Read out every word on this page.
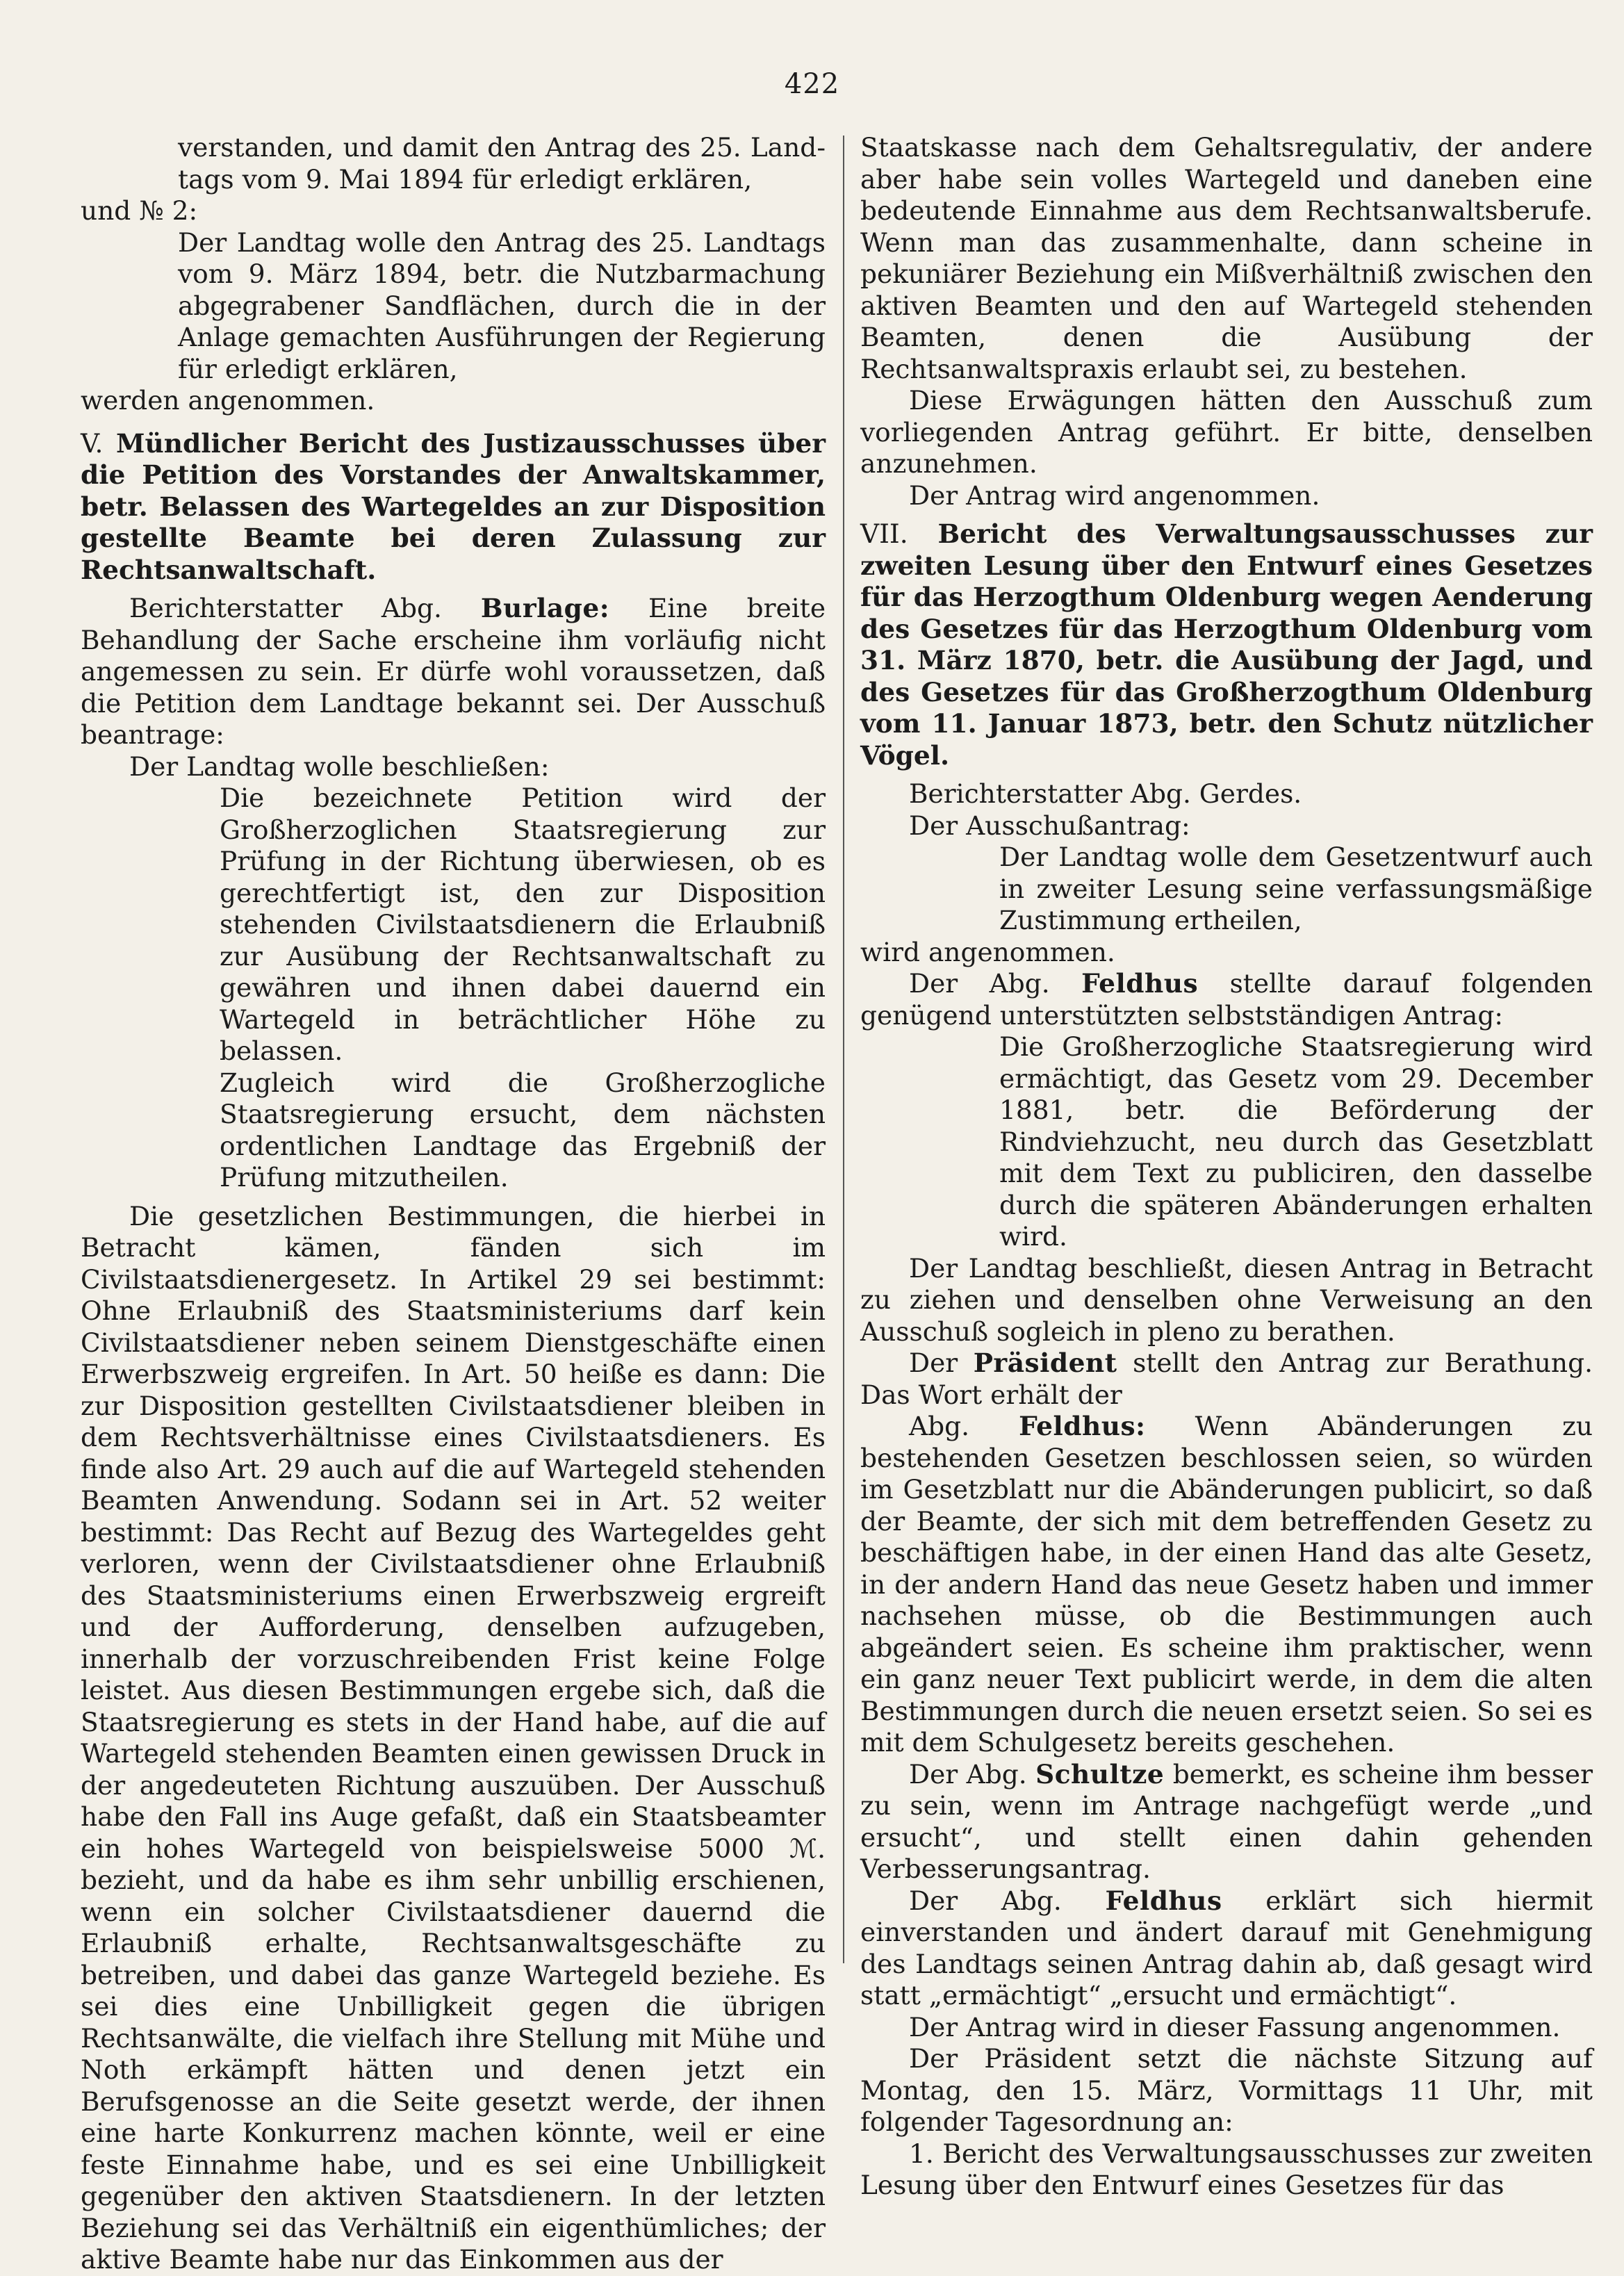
422

verstanden, und damit den Antrag des 25. Land-tags vom 9. Mai 1894 für erledigt erklären,

und № 2:

Der Landtag wolle den Antrag des 25. Landtags vom 9. März 1894, betr. die Nutzbarmachung abgegrabener Sandflächen, durch die in der Anlage gemachten Ausführungen der Regierung für erledigt erklären,

werden angenommen.

V. Mündlicher Bericht des Justizausschusses über die Petition des Vorstandes der Anwaltskammer, betr. Belassen des Wartegeldes an zur Disposition gestellte Beamte bei deren Zulassung zur Rechtsanwaltschaft.

Berichterstatter Abg. Burlage: Eine breite Behandlung der Sache erscheine ihm vorläufig nicht angemessen zu sein. Er dürfe wohl voraussetzen, daß die Petition dem Landtage bekannt sei. Der Ausschuß beantrage:

Der Landtag wolle beschließen:

Die bezeichnete Petition wird der Großherzoglichen Staatsregierung zur Prüfung in der Richtung überwiesen, ob es gerechtfertigt ist, den zur Disposition stehenden Civilstaatsdienern die Erlaubniß zur Ausübung der Rechtsanwaltschaft zu gewähren und ihnen dabei dauernd ein Wartegeld in beträchtlicher Höhe zu belassen.

Zugleich wird die Großherzogliche Staatsregierung ersucht, dem nächsten ordentlichen Landtage das Ergebniß der Prüfung mitzutheilen.

Die gesetzlichen Bestimmungen, die hierbei in Betracht kämen, fänden sich im Civilstaatsdienergesetz. In Artikel 29 sei bestimmt: Ohne Erlaubniß des Staatsministeriums darf kein Civilstaatsdiener neben seinem Dienstgeschäfte einen Erwerbszweig ergreifen. In Art. 50 heiße es dann: Die zur Disposition gestellten Civilstaatsdiener bleiben in dem Rechtsverhältnisse eines Civilstaatsdieners. Es finde also Art. 29 auch auf die auf Wartegeld stehenden Beamten Anwendung. Sodann sei in Art. 52 weiter bestimmt: Das Recht auf Bezug des Wartegeldes geht verloren, wenn der Civilstaatsdiener ohne Erlaubniß des Staatsministeriums einen Erwerbszweig ergreift und der Aufforderung, denselben aufzugeben, innerhalb der vorzuschreibenden Frist keine Folge leistet. Aus diesen Bestimmungen ergebe sich, daß die Staatsregierung es stets in der Hand habe, auf die auf Wartegeld stehenden Beamten einen gewissen Druck in der angedeuteten Richtung auszuüben. Der Ausschuß habe den Fall ins Auge gefaßt, daß ein Staatsbeamter ein hohes Wartegeld von beispielsweise 5000 ℳ. bezieht, und da habe es ihm sehr unbillig erschienen, wenn ein solcher Civilstaatsdiener dauernd die Erlaubniß erhalte, Rechtsanwaltsgeschäfte zu betreiben, und dabei das ganze Wartegeld beziehe. Es sei dies eine Unbilligkeit gegen die übrigen Rechtsanwälte, die vielfach ihre Stellung mit Mühe und Noth erkämpft hätten und denen jetzt ein Berufsgenosse an die Seite gesetzt werde, der ihnen eine harte Konkurrenz machen könnte, weil er eine feste Einnahme habe, und es sei eine Unbilligkeit gegenüber den aktiven Staatsdienern. In der letzten Beziehung sei das Verhältniß ein eigenthümliches; der aktive Beamte habe nur das Einkommen aus der

Staatskasse nach dem Gehaltsregulativ, der andere aber habe sein volles Wartegeld und daneben eine bedeutende Einnahme aus dem Rechtsanwaltsberufe. Wenn man das zusammenhalte, dann scheine in pekuniärer Beziehung ein Mißverhältniß zwischen den aktiven Beamten und den auf Wartegeld stehenden Beamten, denen die Ausübung der Rechtsanwaltspraxis erlaubt sei, zu bestehen.

Diese Erwägungen hätten den Ausschuß zum vorliegenden Antrag geführt. Er bitte, denselben anzunehmen.

Der Antrag wird angenommen.

VII. Bericht des Verwaltungsausschusses zur zweiten Lesung über den Entwurf eines Gesetzes für das Herzogthum Oldenburg wegen Aenderung des Gesetzes für das Herzogthum Oldenburg vom 31. März 1870, betr. die Ausübung der Jagd, und des Gesetzes für das Großherzogthum Oldenburg vom 11. Januar 1873, betr. den Schutz nützlicher Vögel.

Berichterstatter Abg. Gerdes.

Der Ausschußantrag:

Der Landtag wolle dem Gesetzentwurf auch in zweiter Lesung seine verfassungsmäßige Zustimmung ertheilen,

wird angenommen.

Der Abg. Feldhus stellte darauf folgenden genügend unterstützten selbstständigen Antrag:

Die Großherzogliche Staatsregierung wird ermächtigt, das Gesetz vom 29. December 1881, betr. die Beförderung der Rindviehzucht, neu durch das Gesetzblatt mit dem Text zu publiciren, den dasselbe durch die späteren Abänderungen erhalten wird.

Der Landtag beschließt, diesen Antrag in Betracht zu ziehen und denselben ohne Verweisung an den Ausschuß sogleich in pleno zu berathen.

Der Präsident stellt den Antrag zur Berathung. Das Wort erhält der

Abg. Feldhus: Wenn Abänderungen zu bestehenden Gesetzen beschlossen seien, so würden im Gesetzblatt nur die Abänderungen publicirt, so daß der Beamte, der sich mit dem betreffenden Gesetz zu beschäftigen habe, in der einen Hand das alte Gesetz, in der andern Hand das neue Gesetz haben und immer nachsehen müsse, ob die Bestimmungen auch abgeändert seien. Es scheine ihm praktischer, wenn ein ganz neuer Text publicirt werde, in dem die alten Bestimmungen durch die neuen ersetzt seien. So sei es mit dem Schulgesetz bereits geschehen.

Der Abg. Schultze bemerkt, es scheine ihm besser zu sein, wenn im Antrage nachgefügt werde „und ersucht“, und stellt einen dahin gehenden Verbesserungsantrag.

Der Abg. Feldhus erklärt sich hiermit einverstanden und ändert darauf mit Genehmigung des Landtags seinen Antrag dahin ab, daß gesagt wird statt „ermächtigt“ „ersucht und ermächtigt“.

Der Antrag wird in dieser Fassung angenommen.

Der Präsident setzt die nächste Sitzung auf Montag, den 15. März, Vormittags 11 Uhr, mit folgender Tagesordnung an:

1. Bericht des Verwaltungsausschusses zur zweiten Lesung über den Entwurf eines Gesetzes für das
